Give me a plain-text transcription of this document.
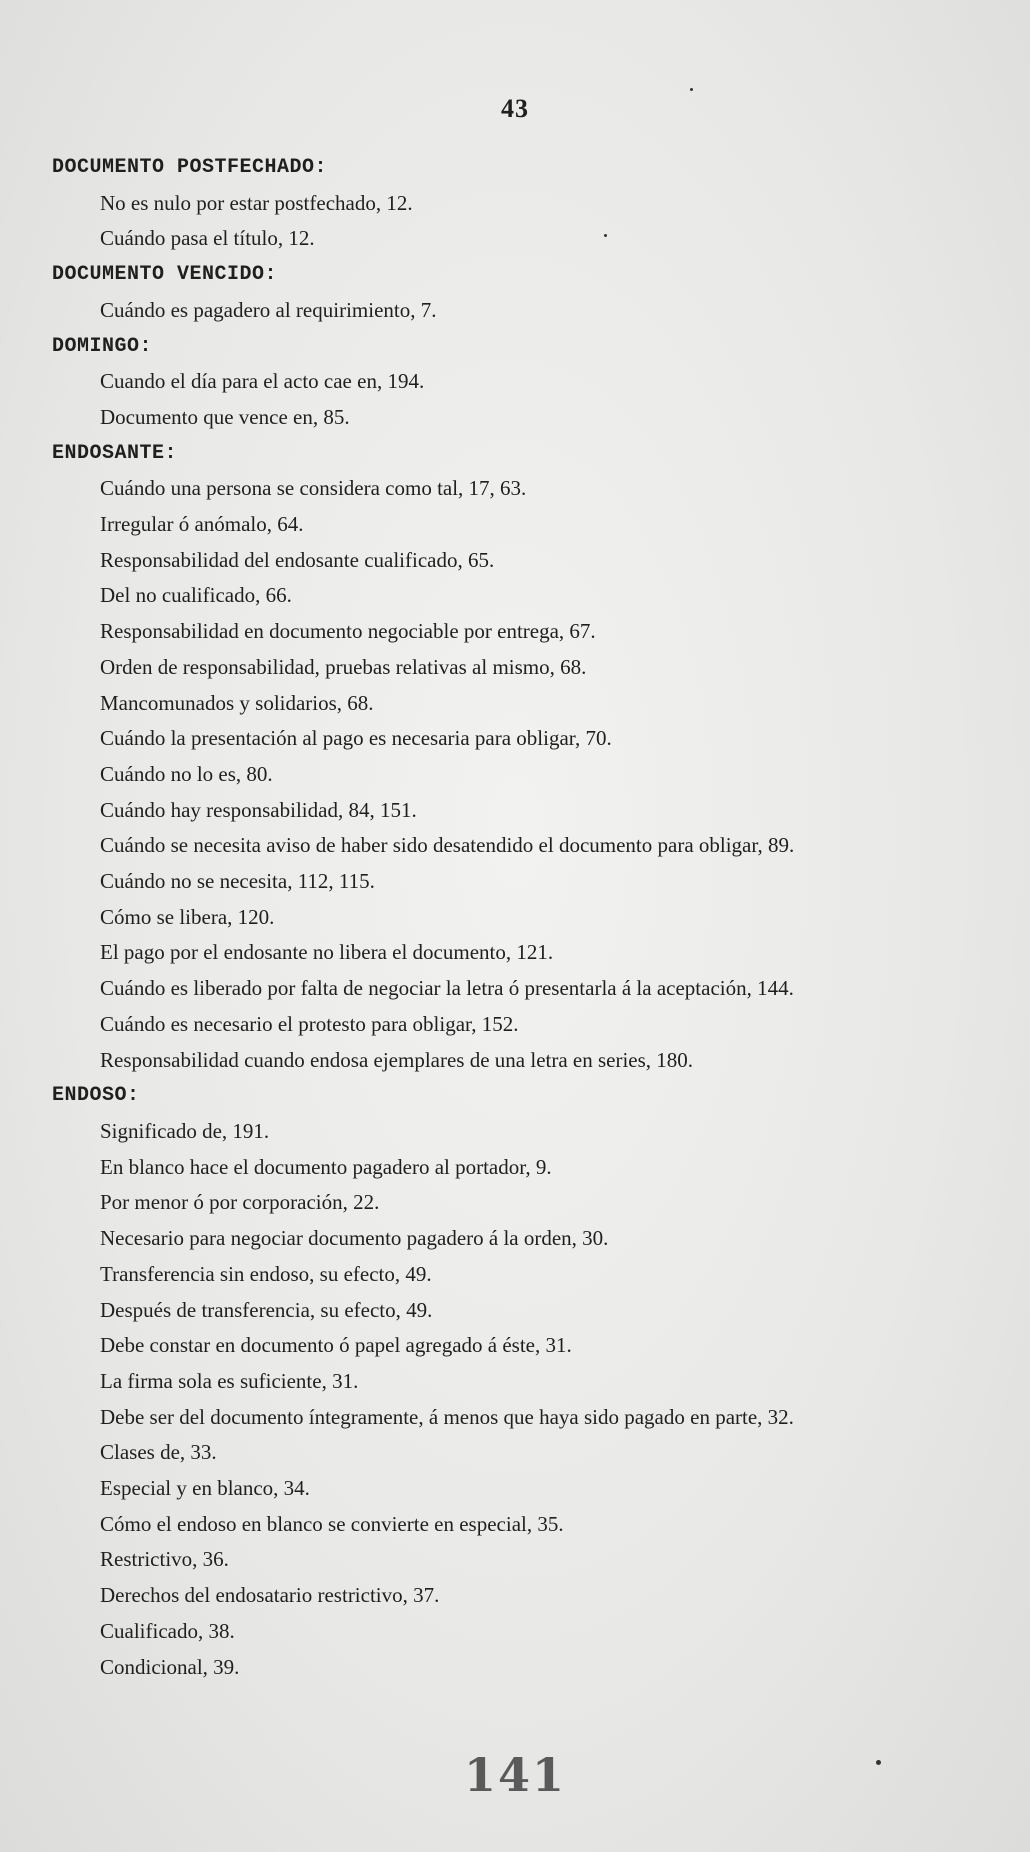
43
DOCUMENTO POSTFECHADO:
No es nulo por estar postfechado, 12.
Cuándo pasa el título, 12.
DOCUMENTO VENCIDO:
Cuándo es pagadero al requirimiento, 7.
DOMINGO:
Cuando el día para el acto cae en, 194.
Documento que vence en, 85.
ENDOSANTE:
Cuándo una persona se considera como tal, 17, 63.
Irregular ó anómalo, 64.
Responsabilidad del endosante cualificado, 65.
Del no cualificado, 66.
Responsabilidad en documento negociable por entrega, 67.
Orden de responsabilidad, pruebas relativas al mismo, 68.
Mancomunados y solidarios, 68.
Cuándo la presentación al pago es necesaria para obligar, 70.
Cuándo no lo es, 80.
Cuándo hay responsabilidad, 84, 151.
Cuándo se necesita aviso de haber sido desatendido el documento para obligar, 89.
Cuándo no se necesita, 112, 115.
Cómo se libera, 120.
El pago por el endosante no libera el documento, 121.
Cuándo es liberado por falta de negociar la letra ó presentarla á la aceptación, 144.
Cuándo es necesario el protesto para obligar, 152.
Responsabilidad cuando endosa ejemplares de una letra en series, 180.
ENDOSO:
Significado de, 191.
En blanco hace el documento pagadero al portador, 9.
Por menor ó por corporación, 22.
Necesario para negociar documento pagadero á la orden, 30.
Transferencia sin endoso, su efecto, 49.
Después de transferencia, su efecto, 49.
Debe constar en documento ó papel agregado á éste, 31.
La firma sola es suficiente, 31.
Debe ser del documento íntegramente, á menos que haya sido pagado en parte, 32.
Clases de, 33.
Especial y en blanco, 34.
Cómo el endoso en blanco se convierte en especial, 35.
Restrictivo, 36.
Derechos del endosatario restrictivo, 37.
Cualificado, 38.
Condicional, 39.
141
